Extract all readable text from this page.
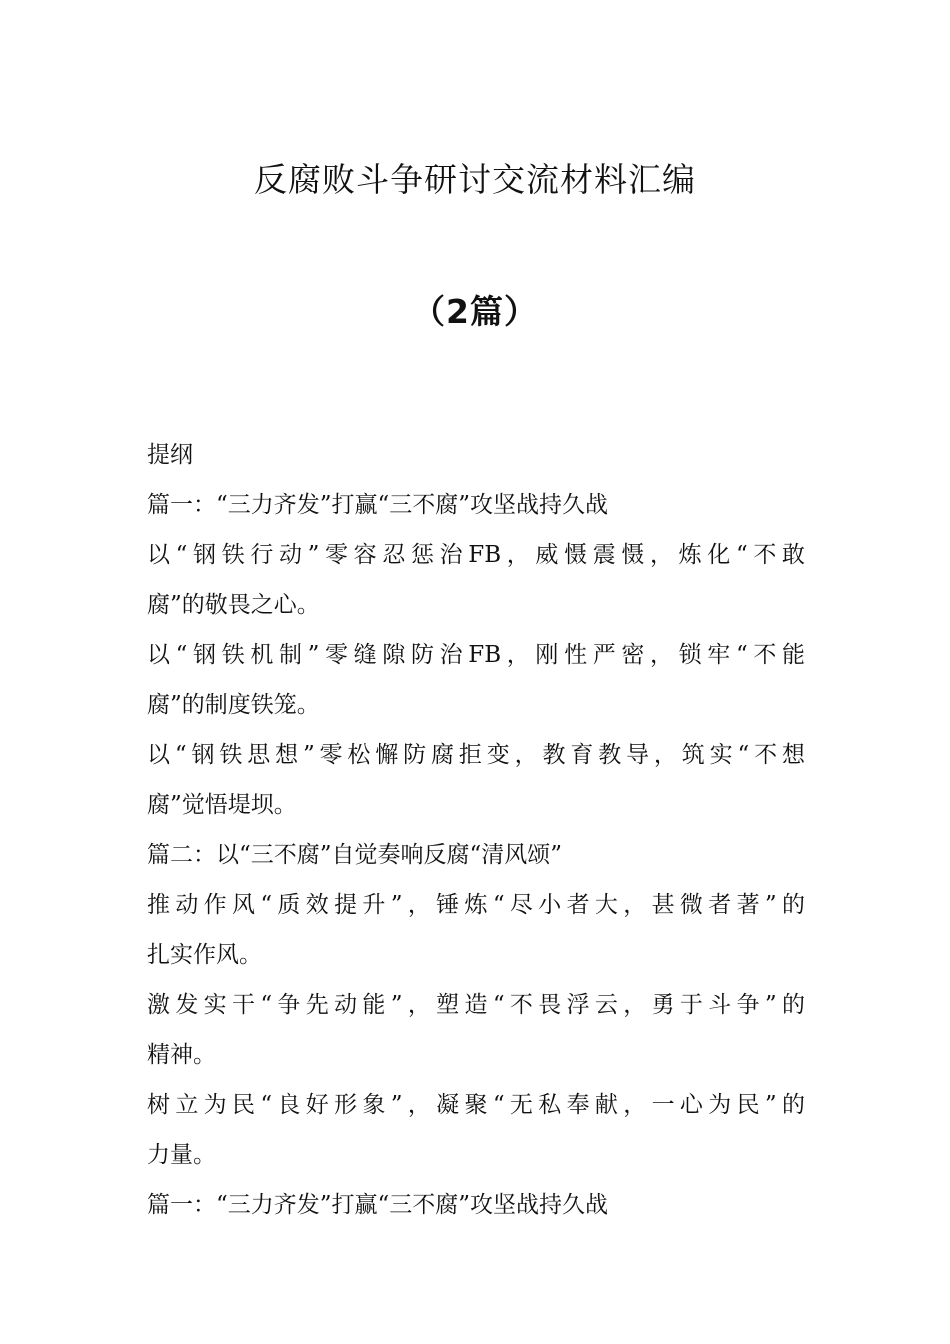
反腐败斗争研讨交流材料汇编
（2篇）
提纲
篇一：“三力齐发”打赢“三不腐”攻坚战持久战
以“钢铁行动”零容忍惩治FB，威慑震慑，炼化“不敢
腐”的敬畏之心。
以“钢铁机制”零缝隙防治FB，刚性严密，锁牢“不能
腐”的制度铁笼。
以“钢铁思想”零松懈防腐拒变，教育教导，筑实“不想
腐”觉悟堤坝。
篇二：以“三不腐”自觉奏响反腐“清风颂”
推动作风“质效提升”，锤炼“尽小者大，甚微者著”的
扎实作风。
激发实干“争先动能”，塑造“不畏浮云，勇于斗争”的
精神。
树立为民“良好形象”，凝聚“无私奉献，一心为民”的
力量。
篇一：“三力齐发”打赢“三不腐”攻坚战持久战
